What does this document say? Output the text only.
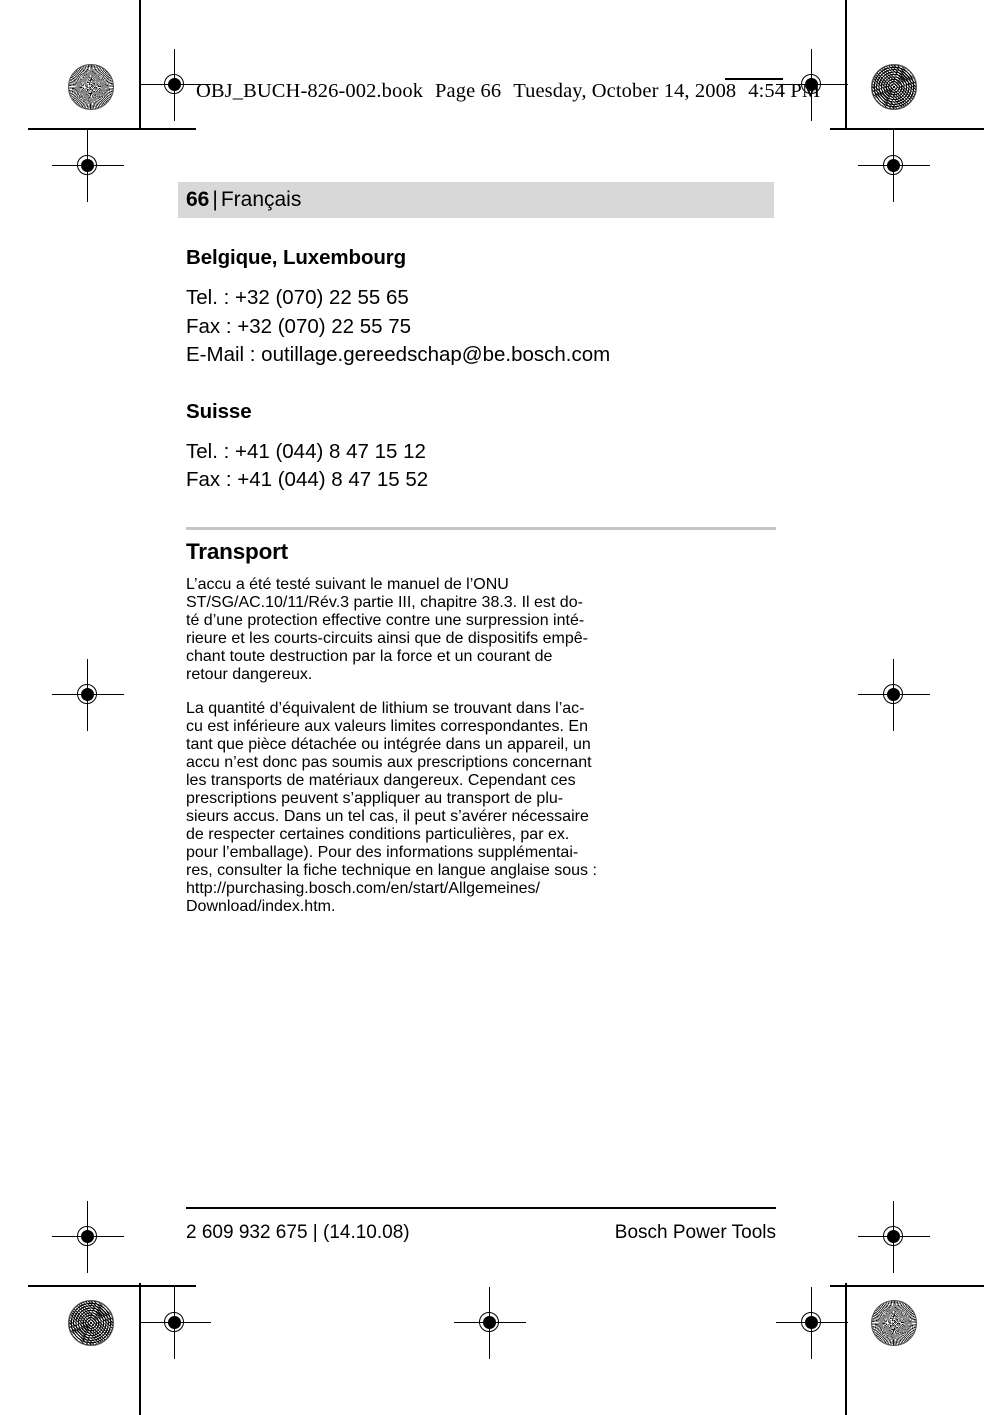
OBJ_BUCH-826-002.book Page 66 Tuesday, October 14, 2008 4:54 PM
66 | Français
Belgique, Luxembourg
Tel. : +32 (070) 22 55 65
Fax : +32 (070) 22 55 75
E-Mail : outillage.gereedschap@be.bosch.com
Suisse
Tel. : +41 (044) 8 47 15 12
Fax : +41 (044) 8 47 15 52
Transport

L’accu a été testé suivant le manuel de l’ONU
ST/SG/AC.10/11/Rév.3 partie III, chapitre 38.3. Il est do-
té d’une protection effective contre une surpression inté-
rieure et les courts-circuits ainsi que de dispositifs empê-
chant toute destruction par la force et un courant de
retour dangereux.

La quantité d’équivalent de lithium se trouvant dans l’ac-
cu est inférieure aux valeurs limites correspondantes. En
tant que pièce détachée ou intégrée dans un appareil, un
accu n’est donc pas soumis aux prescriptions concernant
les transports de matériaux dangereux. Cependant ces
prescriptions peuvent s’appliquer au transport de plu-
sieurs accus. Dans un tel cas, il peut s’avérer nécessaire
de respecter certaines conditions particulières, par ex.
pour l’emballage). Pour des informations supplémentai-
res, consulter la fiche technique en langue anglaise sous :
http://purchasing.bosch.com/en/start/Allgemeines/
Download/index.htm.

2 609 932 675 | (14.10.08)	Bosch Power Tools
